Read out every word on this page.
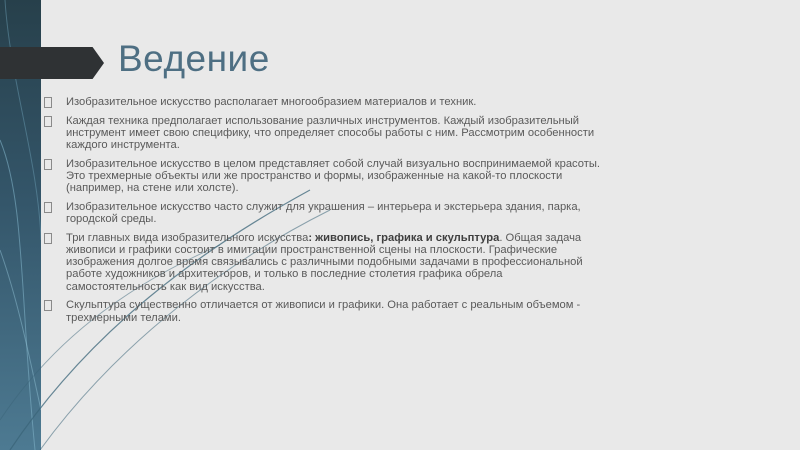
Ведение

Изобразительное искусство располагает многообразием материалов и техник.

Каждая техника предполагает использование различных инструментов. Каждый изобразительный инструмент имеет свою специфику, что определяет способы работы с ним. Рассмотрим особенности каждого инструмента.

Изобразительное искусство в целом представляет собой случай визуально воспринимаемой красоты. Это трехмерные объекты или же пространство и формы, изображенные на какой-то плоскости (например, на стене или холсте).

Изобразительное искусство часто служит для украшения – интерьера и экстерьера здания, парка, городской среды.

Три главных вида изобразительного искусства: живопись, графика и скульптура. Общая задача живописи и графики состоит в имитации пространственной сцены на плоскости. Графические изображения долгое время связывались с различными подобными задачами в профессиональной работе художников и архитекторов, и только в последние столетия графика обрела самостоятельность как вид искусства.

Скульптура существенно отличается от живописи и графики. Она работает с реальным объемом - трехмерными телами.
